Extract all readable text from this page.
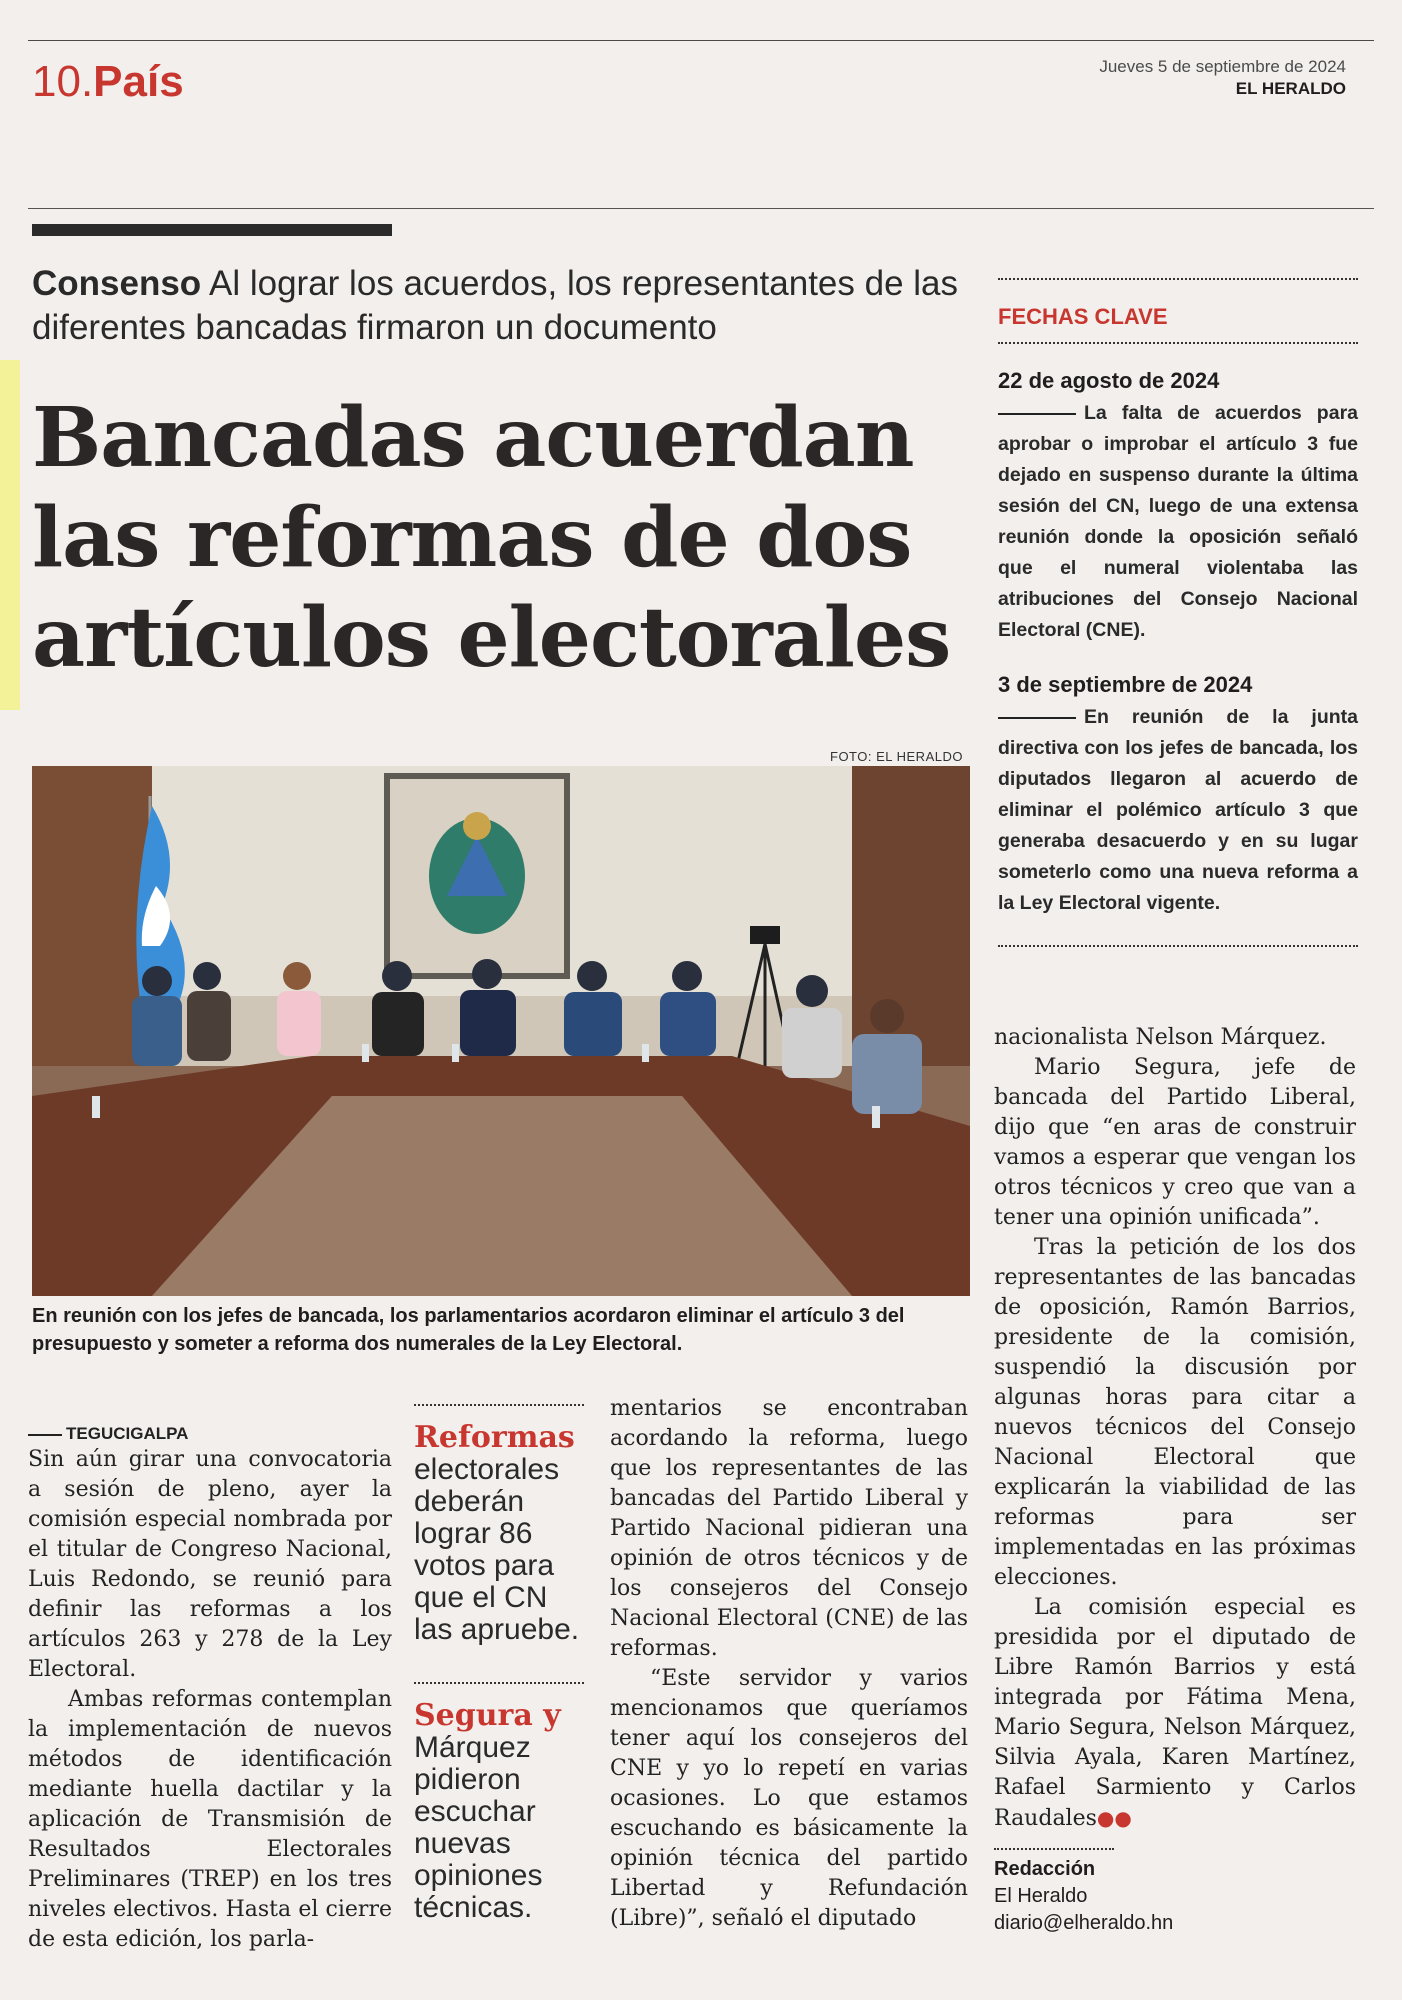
10.País	Jueves 5 de septiembre de 2024
EL HERALDO
Consenso Al lograr los acuerdos, los representantes de las diferentes bancadas firmaron un documento
Bancadas acuerdan las reformas de dos artículos electorales
FOTO: EL HERALDO
En reunión con los jefes de bancada, los parlamentarios acordaron eliminar el artículo 3 del presupuesto y someter a reforma dos numerales de la Ley Electoral.
TEGUCIGALPA

Sin aún girar una convocatoria a sesión de pleno, ayer la comisión especial nombrada por el titular de Congreso Nacional, Luis Redondo, se reunió para definir las reformas a los artículos 263 y 278 de la Ley Electoral.

Ambas reformas contemplan la implementación de nuevos métodos de identificación mediante huella dactilar y la aplicación de Transmisión de Resultados Electorales Preliminares (TREP) en los tres niveles electivos. Hasta el cierre de esta edición, los parla-

Reformas electorales deberán lograr 86 votos para que el CN las apruebe.
Segura y Márquez pidieron escuchar nuevas opiniones técnicas.

mentarios se encontraban acordando la reforma, luego que los representantes de las bancadas del Partido Liberal y Partido Nacional pidieran una opinión de otros técnicos y de los consejeros del Consejo Nacional Electoral (CNE) de las reformas.

“Este servidor y varios mencionamos que queríamos tener aquí los consejeros del CNE y yo lo repetí en varias ocasiones. Lo que estamos escuchando es básicamente la opinión técnica del partido Libertad y Refundación (Libre)”, señaló el diputado

FECHAS CLAVE
22 de agosto de 2024
La falta de acuerdos para aprobar o improbar el artículo 3 fue dejado en suspenso durante la última sesión del CN, luego de una extensa reunión donde la oposición señaló que el numeral violentaba las atribuciones del Consejo Nacional Electoral (CNE).
3 de septiembre de 2024
En reunión de la junta directiva con los jefes de bancada, los diputados llegaron al acuerdo de eliminar el polémico artículo 3 que generaba desacuerdo y en su lugar someterlo como una nueva reforma a la Ley Electoral vigente.

nacionalista Nelson Márquez.

Mario Segura, jefe de bancada del Partido Liberal, dijo que “en aras de construir vamos a esperar que vengan los otros técnicos y creo que van a tener una opinión unificada”.

Tras la petición de los dos representantes de las bancadas de oposición, Ramón Barrios, presidente de la comisión, suspendió la discusión por algunas horas para citar a nuevos técnicos del Consejo Nacional Electoral que explicarán la viabilidad de las reformas para ser implementadas en las próximas elecciones.

La comisión especial es presidida por el diputado de Libre Ramón Barrios y está integrada por Fátima Mena, Mario Segura, Nelson Márquez, Silvia Ayala, Karen Martínez, Rafael Sarmiento y Carlos Raudales●●

Redacción
El Heraldo
diario@elheraldo.hn
